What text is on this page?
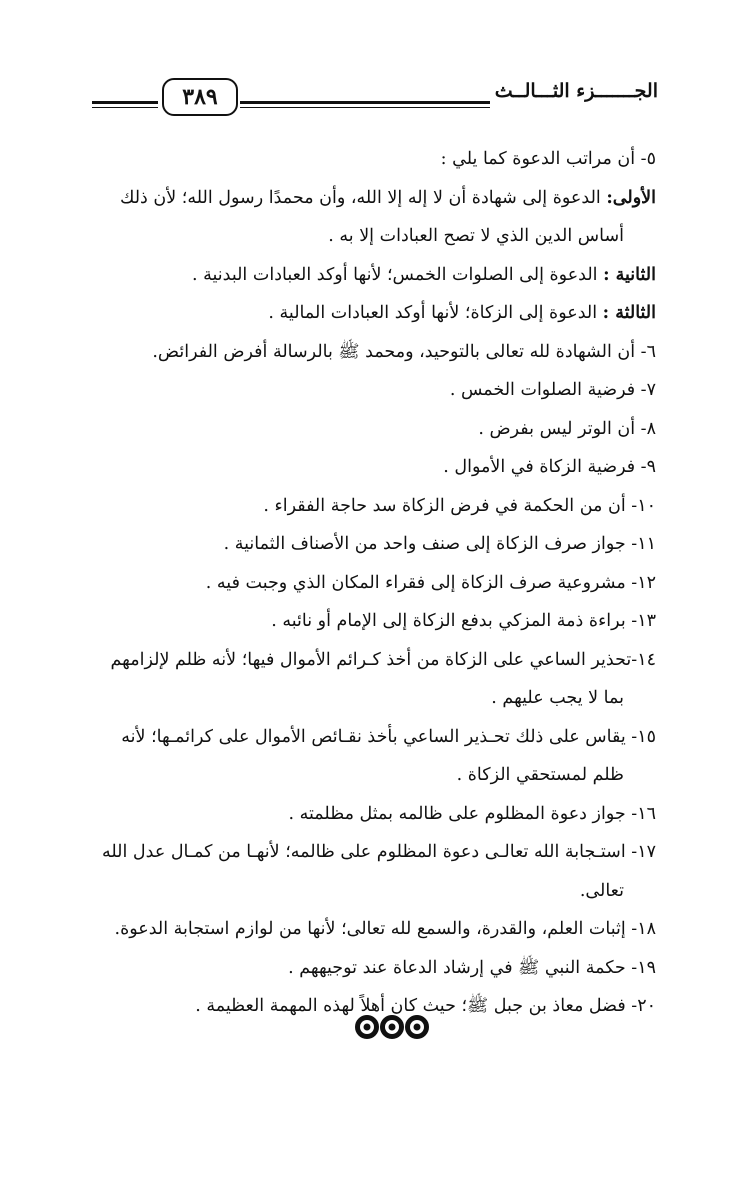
الجـــــــزء الثـــالــث
٣٨٩
٥- أن مراتب الدعوة كما يلي :
الأولى: الدعوة إلى شهادة أن لا إله إلا الله، وأن محمدًا رسول الله؛ لأن ذلك
أساس الدين الذي لا تصح العبادات إلا به .
الثانية : الدعوة إلى الصلوات الخمس؛ لأنها أوكد العبادات البدنية .
الثالثة : الدعوة إلى الزكاة؛ لأنها أوكد العبادات المالية .
٦- أن الشهادة لله تعالى بالتوحيد، ومحمد ﷺ بالرسالة أفرض الفرائض.
٧- فرضية الصلوات الخمس .
٨- أن الوتر ليس بفرض .
٩- فرضية الزكاة في الأموال .
١٠- أن من الحكمة في فرض الزكاة سد حاجة الفقراء .
١١- جواز صرف الزكاة إلى صنف واحد من الأصناف الثمانية .
١٢- مشروعية صرف الزكاة إلى فقراء المكان الذي وجبت فيه .
١٣- براءة ذمة المزكي بدفع الزكاة إلى الإمام أو نائبه .
١٤-تحذير الساعي على الزكاة من أخذ كـرائم الأموال فيها؛ لأنه ظلم لإلزامهم
بما لا يجب عليهم .
١٥- يقاس على ذلك تحـذير الساعي بأخذ نقـائص الأموال على كرائمـها؛ لأنه
ظلم لمستحقي الزكاة .
١٦- جواز دعوة المظلوم على ظالمه بمثل مظلمته .
١٧- استـجابة الله تعالـى دعوة المظلوم على ظالمه؛ لأنهـا من كمـال عدل الله
تعالى.
١٨- إثبات العلم، والقدرة، والسمع لله تعالى؛ لأنها من لوازم استجابة الدعوة.
١٩- حكمة النبي ﷺ في إرشاد الدعاة عند توجيههم .
٢٠- فضل معاذ بن جبل ﷺ؛ حيث كان أهلاً لهذه المهمة العظيمة .
